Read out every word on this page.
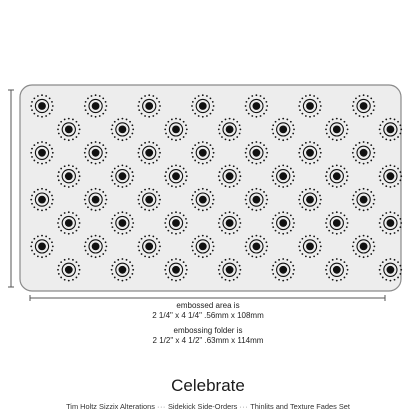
embossed area is

2 1/4" x 4 1/4" .56mm x 108mm

embossing folder is

2 1/2" x 4 1/2" .63mm x 114mm

Celebrate

Tim Holtz Sizzix Alterations ··· Sidekick Side-Orders ··· Thinlits and Texture Fades Set
